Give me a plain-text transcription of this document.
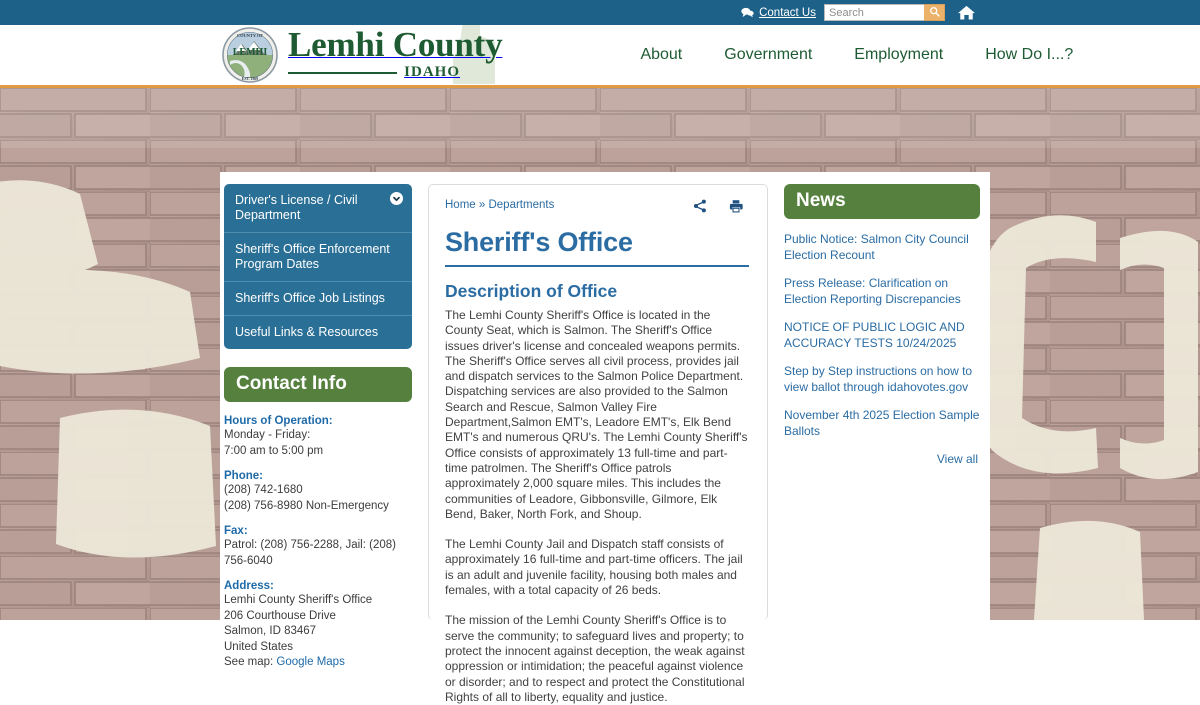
Contact Us
Search
COUNTY OF
EST. 1869
LEMHI Lemhi County
IDAHO
About	Government	Employment	How Do I...?
Driver's License / Civil Department
Sheriff's Office Enforcement Program Dates
Sheriff's Office Job Listings
Useful Links & Resources
Contact Info
Hours of Operation:
Monday - Friday:
7:00 am to 5:00 pm
Phone:
(208) 742-1680
(208) 756-8980 Non-Emergency
Fax:
Patrol: (208) 756-2288, Jail: (208) 756-6040
Address:
Lemhi County Sheriff's Office
206 Courthouse Drive
Salmon, ID 83467
United States
See map: Google Maps
Home » Departments
Sheriff's Office
Description of Office

The Lemhi County Sheriff's Office is located in the County Seat, which is Salmon. The Sheriff's Office issues driver's license and concealed weapons permits. The Sheriff's Office serves all civil process, provides jail and dispatch services to the Salmon Police Department. Dispatching services are also provided to the Salmon Search and Rescue, Salmon Valley Fire Department,Salmon EMT's, Leadore EMT's, Elk Bend EMT's and numerous QRU's. The Lemhi County Sheriff's Office consists of approximately 13 full-time and part-time patrolmen. The Sheriff's Office patrols approximately 2,000 square miles. This includes the communities of Leadore, Gibbonsville, Gilmore, Elk Bend, Baker, North Fork, and Shoup.

The Lemhi County Jail and Dispatch staff consists of approximately 16 full-time and part-time officers. The jail is an adult and juvenile facility, housing both males and females, with a total capacity of 26 beds.

The mission of the Lemhi County Sheriff's Office is to serve the community; to safeguard lives and property; to protect the innocent against deception, the weak against oppression or intimidation; the peaceful against violence or disorder; and to respect and protect the Constitutional Rights of all to liberty, equality and justice.

News
Public Notice: Salmon City Council Election Recount
Press Release: Clarification on Election Reporting Discrepancies
NOTICE OF PUBLIC LOGIC AND ACCURACY TESTS 10/24/2025
Step by Step instructions on how to view ballot through idahovotes.gov
November 4th 2025 Election Sample Ballots
View all
